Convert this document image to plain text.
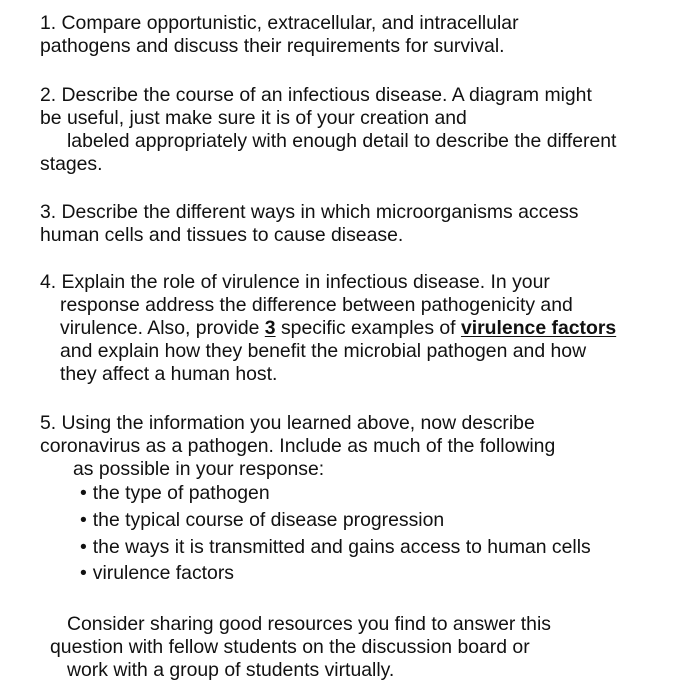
1. Compare opportunistic, extracellular, and intracellular

pathogens and discuss their requirements for survival.

2. Describe the course of an infectious disease. A diagram might

be useful, just make sure it is of your creation and

labeled appropriately with enough detail to describe the different

stages.

3. Describe the different ways in which microorganisms access

human cells and tissues to cause disease.

4. Explain the role of virulence in infectious disease. In your

response address the difference between pathogenicity and

virulence. Also, provide 3 specific examples of virulence factors

and explain how they benefit the microbial pathogen and how

they affect a human host.

5. Using the information you learned above, now describe

coronavirus as a pathogen. Include as much of the following

as possible in your response:

• the type of pathogen

• the typical course of disease progression

• the ways it is transmitted and gains access to human cells

• virulence factors

Consider sharing good resources you find to answer this

question with fellow students on the discussion board or

work with a group of students virtually.
